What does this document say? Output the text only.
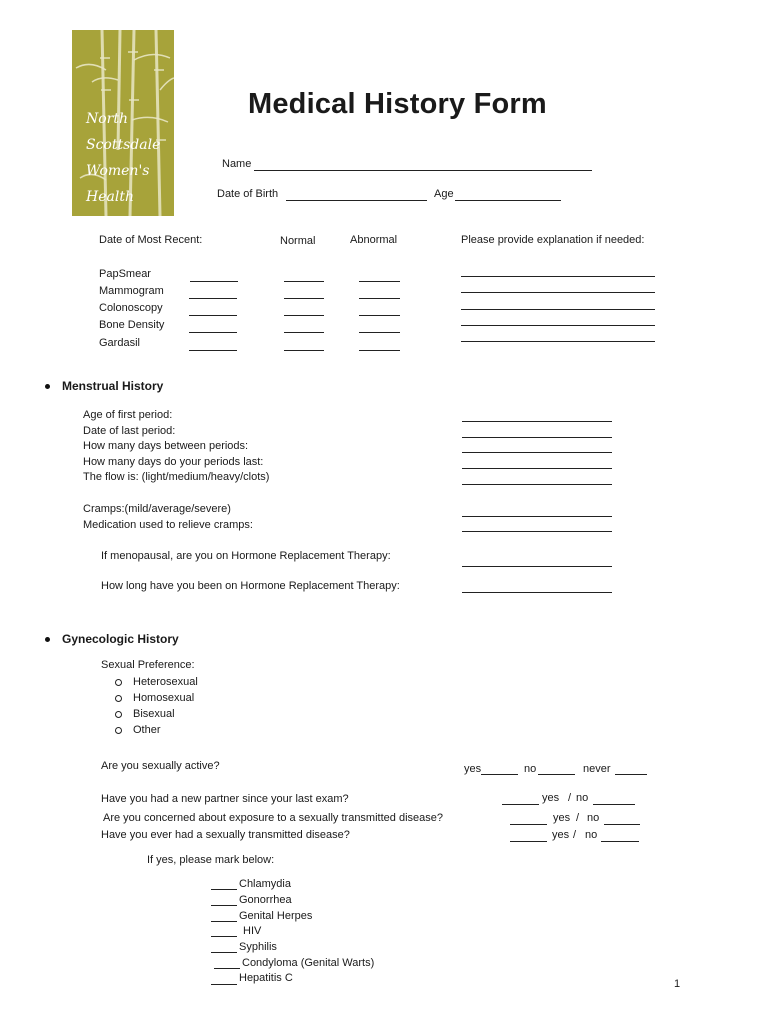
North
Scottsdale
Women's
Health
Medical History Form
Name
Date of Birth	Age
Date of Most Recent:	Normal	Abnormal	Please provide explanation if needed:
PapSmear
Mammogram
Colonoscopy
Bone Density
Gardasil
Menstrual History
Age of first period:
Date of last period:
How many days between periods:
How many days do your periods last:
The flow is: (light/medium/heavy/clots)
Cramps:(mild/average/severe)
Medication used to relieve cramps:
If menopausal, are you on Hormone Replacement Therapy:
How long have you been on Hormone Replacement Therapy:
Gynecologic History
Sexual Preference:
Heterosexual
Homosexual
Bisexual
Other
Are you sexually active?	yes	no	never
Have you had a new partner since your last exam?	yes / no
Are you concerned about exposure to a sexually transmitted disease?	yes / no
Have you ever had a sexually transmitted disease?	yes / no
If yes, please mark below:
Chlamydia
Gonorrhea
Genital Herpes
HIV
Syphilis
Condyloma (Genital Warts)
Hepatitis C	1
